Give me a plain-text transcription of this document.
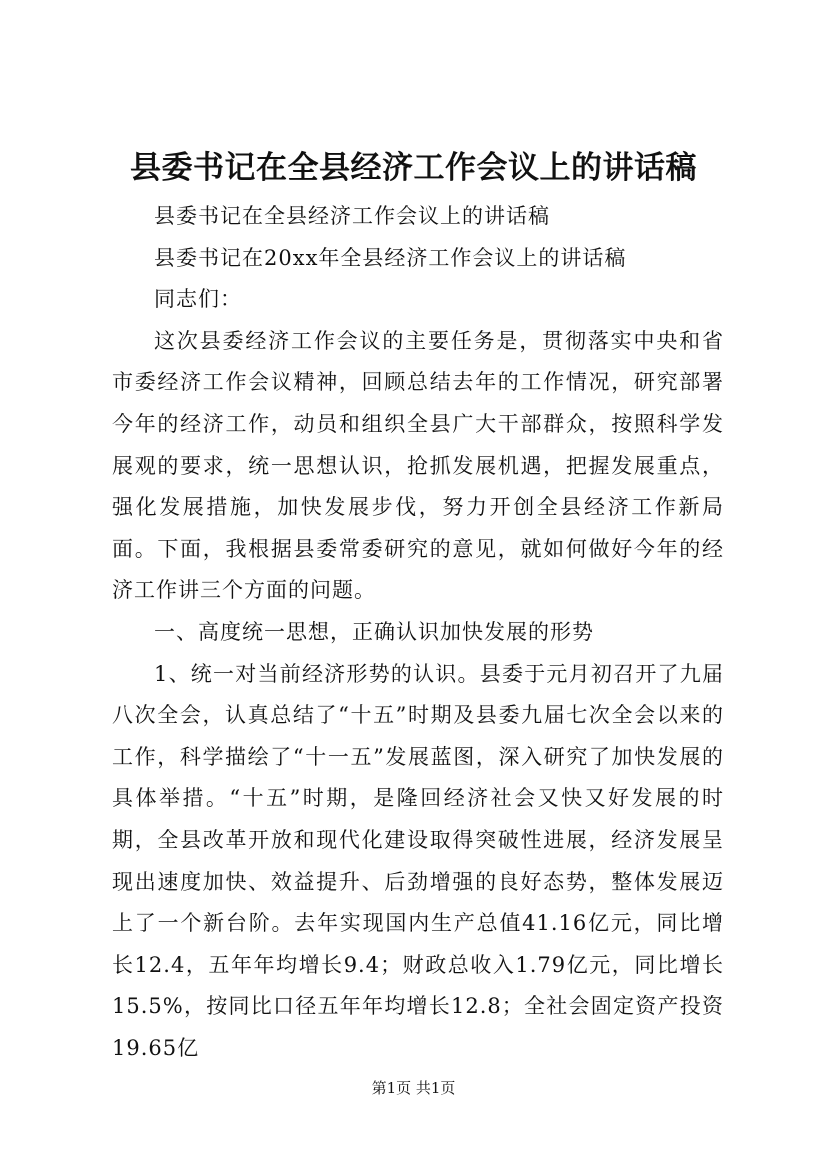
县委书记在全县经济工作会议上的讲话稿

县委书记在全县经济工作会议上的讲话稿

县委书记在20xx年全县经济工作会议上的讲话稿

同志们：

这次县委经济工作会议的主要任务是，贯彻落实中央和省市委经济工作会议精神，回顾总结去年的工作情况，研究部署今年的经济工作，动员和组织全县广大干部群众，按照科学发展观的要求，统一思想认识，抢抓发展机遇，把握发展重点，强化发展措施，加快发展步伐，努力开创全县经济工作新局面。下面，我根据县委常委研究的意见，就如何做好今年的经济工作讲三个方面的问题。

一、高度统一思想，正确认识加快发展的形势

1、统一对当前经济形势的认识。县委于元月初召开了九届八次全会，认真总结了“十五”时期及县委九届七次全会以来的工作，科学描绘了“十一五”发展蓝图，深入研究了加快发展的具体举措。“十五”时期，是隆回经济社会又快又好发展的时期，全县改革开放和现代化建设取得突破性进展，经济发展呈现出速度加快、效益提升、后劲增强的良好态势，整体发展迈上了一个新台阶。去年实现国内生产总值41.16亿元，同比增长12.4，五年年均增长9.4；财政总收入1.79亿元，同比增长15.5%，按同比口径五年年均增长12.8；全社会固定资产投资19.65亿

第1页 共1页
